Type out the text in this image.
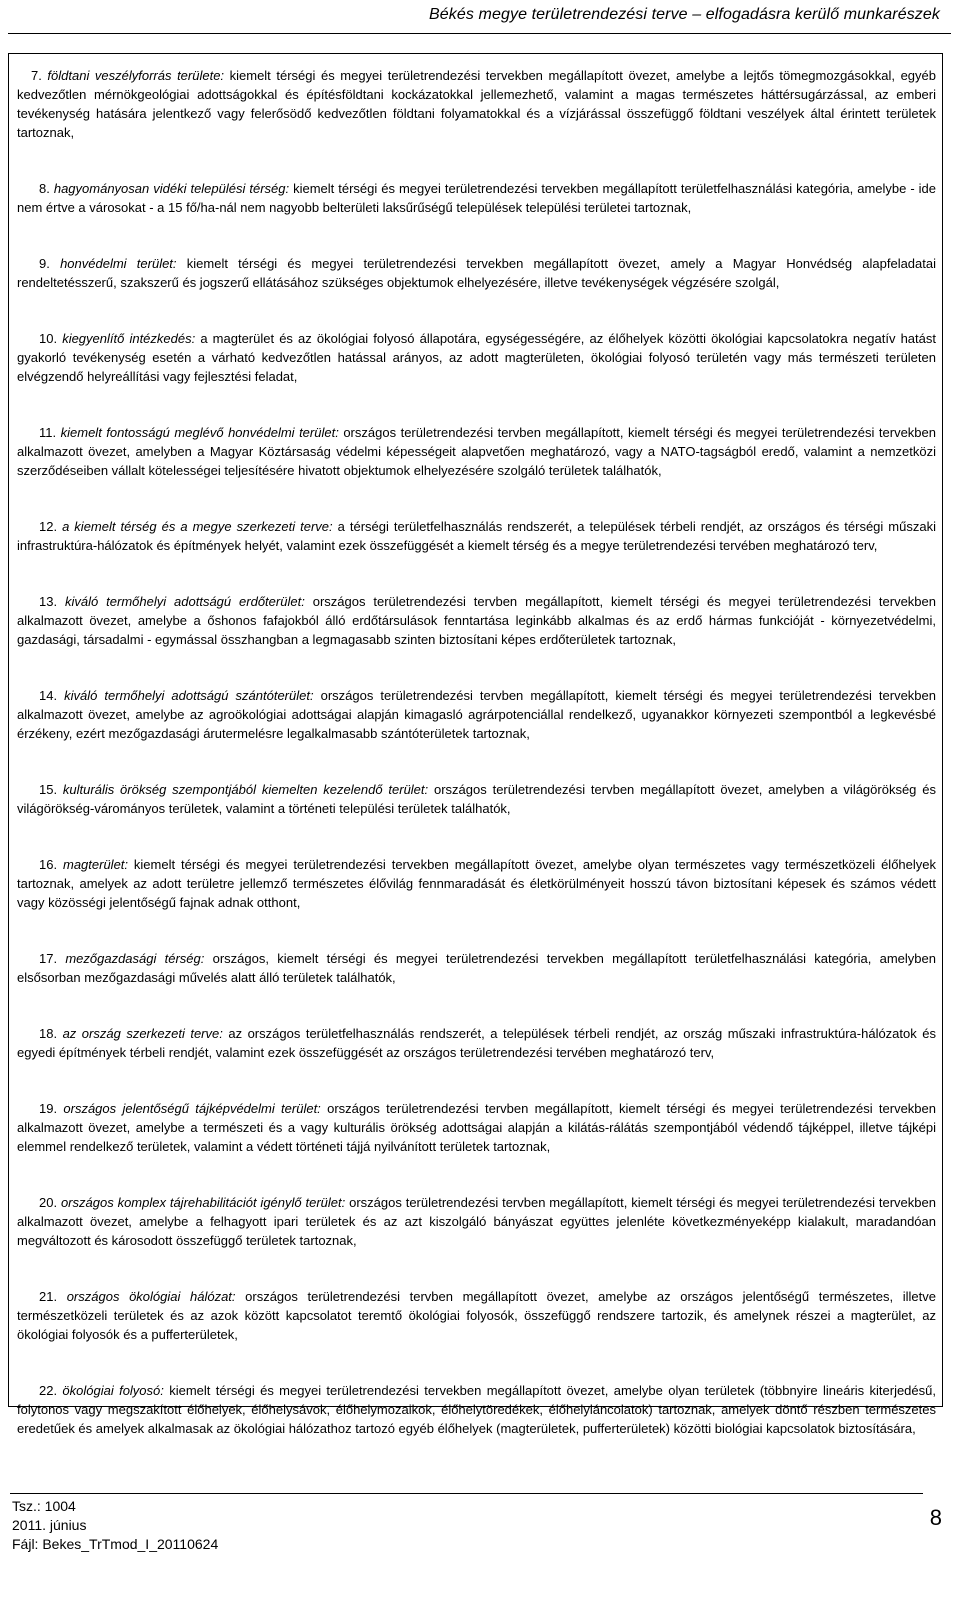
Békés megye területrendezési terve – elfogadásra kerülő munkarészek

7. földtani veszélyforrás területe: kiemelt térségi és megyei területrendezési tervekben megállapított övezet, amelybe a lejtős tömegmozgásokkal, egyéb kedvezőtlen mérnökgeológiai adottságokkal és építésföldtani kockázatokkal jellemezhető, valamint a magas természetes háttérsugárzással, az emberi tevékenység hatására jelentkező vagy felerősödő kedvezőtlen földtani folyamatokkal és a vízjárással összefüggő földtani veszélyek által érintett területek tartoznak,

8. hagyományosan vidéki települési térség: kiemelt térségi és megyei területrendezési tervekben megállapított területfelhasználási kategória, amelybe - ide nem értve a városokat - a 15 fő/ha-nál nem nagyobb belterületi laksűrűségű települések települési területei tartoznak,

9. honvédelmi terület: kiemelt térségi és megyei területrendezési tervekben megállapított övezet, amely a Magyar Honvédség alapfeladatai rendeltetésszerű, szakszerű és jogszerű ellátásához szükséges objektumok elhelyezésére, illetve tevékenységek végzésére szolgál,

10. kiegyenlítő intézkedés: a magterület és az ökológiai folyosó állapotára, egységességére, az élőhelyek közötti ökológiai kapcsolatokra negatív hatást gyakorló tevékenység esetén a várható kedvezőtlen hatással arányos, az adott magterületen, ökológiai folyosó területén vagy más természeti területen elvégzendő helyreállítási vagy fejlesztési feladat,

11. kiemelt fontosságú meglévő honvédelmi terület: országos területrendezési tervben megállapított, kiemelt térségi és megyei területrendezési tervekben alkalmazott övezet, amelyben a Magyar Köztársaság védelmi képességeit alapvetően meghatározó, vagy a NATO-tagságból eredő, valamint a nemzetközi szerződéseiben vállalt kötelességei teljesítésére hivatott objektumok elhelyezésére szolgáló területek találhatók,

12. a kiemelt térség és a megye szerkezeti terve: a térségi területfelhasználás rendszerét, a települések térbeli rendjét, az országos és térségi műszaki infrastruktúra-hálózatok és építmények helyét, valamint ezek összefüggését a kiemelt térség és a megye területrendezési tervében meghatározó terv,

13. kiváló termőhelyi adottságú erdőterület: országos területrendezési tervben megállapított, kiemelt térségi és megyei területrendezési tervekben alkalmazott övezet, amelybe a őshonos fafajokból álló erdőtársulások fenntartása leginkább alkalmas és az erdő hármas funkcióját - környezetvédelmi, gazdasági, társadalmi - egymással összhangban a legmagasabb szinten biztosítani képes erdőterületek tartoznak,

14. kiváló termőhelyi adottságú szántóterület: országos területrendezési tervben megállapított, kiemelt térségi és megyei területrendezési tervekben alkalmazott övezet, amelybe az agroökológiai adottságai alapján kimagasló agrárpotenciállal rendelkező, ugyanakkor környezeti szempontból a legkevésbé érzékeny, ezért mezőgazdasági árutermelésre legalkalmasabb szántóterületek tartoznak,

15. kulturális örökség szempontjából kiemelten kezelendő terület: országos területrendezési tervben megállapított övezet, amelyben a világörökség és világörökség-várományos területek, valamint a történeti települési területek találhatók,

16. magterület: kiemelt térségi és megyei területrendezési tervekben megállapított övezet, amelybe olyan természetes vagy természetközeli élőhelyek tartoznak, amelyek az adott területre jellemző természetes élővilág fennmaradását és életkörülményeit hosszú távon biztosítani képesek és számos védett vagy közösségi jelentőségű fajnak adnak otthont,

17. mezőgazdasági térség: országos, kiemelt térségi és megyei területrendezési tervekben megállapított területfelhasználási kategória, amelyben elsősorban mezőgazdasági művelés alatt álló területek találhatók,

18. az ország szerkezeti terve: az országos területfelhasználás rendszerét, a települések térbeli rendjét, az ország műszaki infrastruktúra-hálózatok és egyedi építmények térbeli rendjét, valamint ezek összefüggését az országos területrendezési tervében meghatározó terv,

19. országos jelentőségű tájképvédelmi terület: országos területrendezési tervben megállapított, kiemelt térségi és megyei területrendezési tervekben alkalmazott övezet, amelybe a természeti és a vagy kulturális örökség adottságai alapján a kilátás-rálátás szempontjából védendő tájképpel, illetve tájképi elemmel rendelkező területek, valamint a védett történeti tájjá nyilvánított területek tartoznak,

20. országos komplex tájrehabilitációt igénylő terület: országos területrendezési tervben megállapított, kiemelt térségi és megyei területrendezési tervekben alkalmazott övezet, amelybe a felhagyott ipari területek és az azt kiszolgáló bányászat együttes jelenléte következményeképp kialakult, maradandóan megváltozott és károsodott összefüggő területek tartoznak,

21. országos ökológiai hálózat: országos területrendezési tervben megállapított övezet, amelybe az országos jelentőségű természetes, illetve természetközeli területek és az azok között kapcsolatot teremtő ökológiai folyosók, összefüggő rendszere tartozik, és amelynek részei a magterület, az ökológiai folyosók és a pufferterületek,

22. ökológiai folyosó: kiemelt térségi és megyei területrendezési tervekben megállapított övezet, amelybe olyan területek (többnyire lineáris kiterjedésű, folytonos vagy megszakított élőhelyek, élőhelysávok, élőhelymozaikok, élőhelytöredékek, élőhelyláncolatok) tartoznak, amelyek döntő részben természetes eredetűek és amelyek alkalmasak az ökológiai hálózathoz tartozó egyéb élőhelyek (magterületek, pufferterületek) közötti biológiai kapcsolatok biztosítására,

Tsz.: 1004
2011. június
Fájl: Bekes_TrTmod_I_20110624
8
